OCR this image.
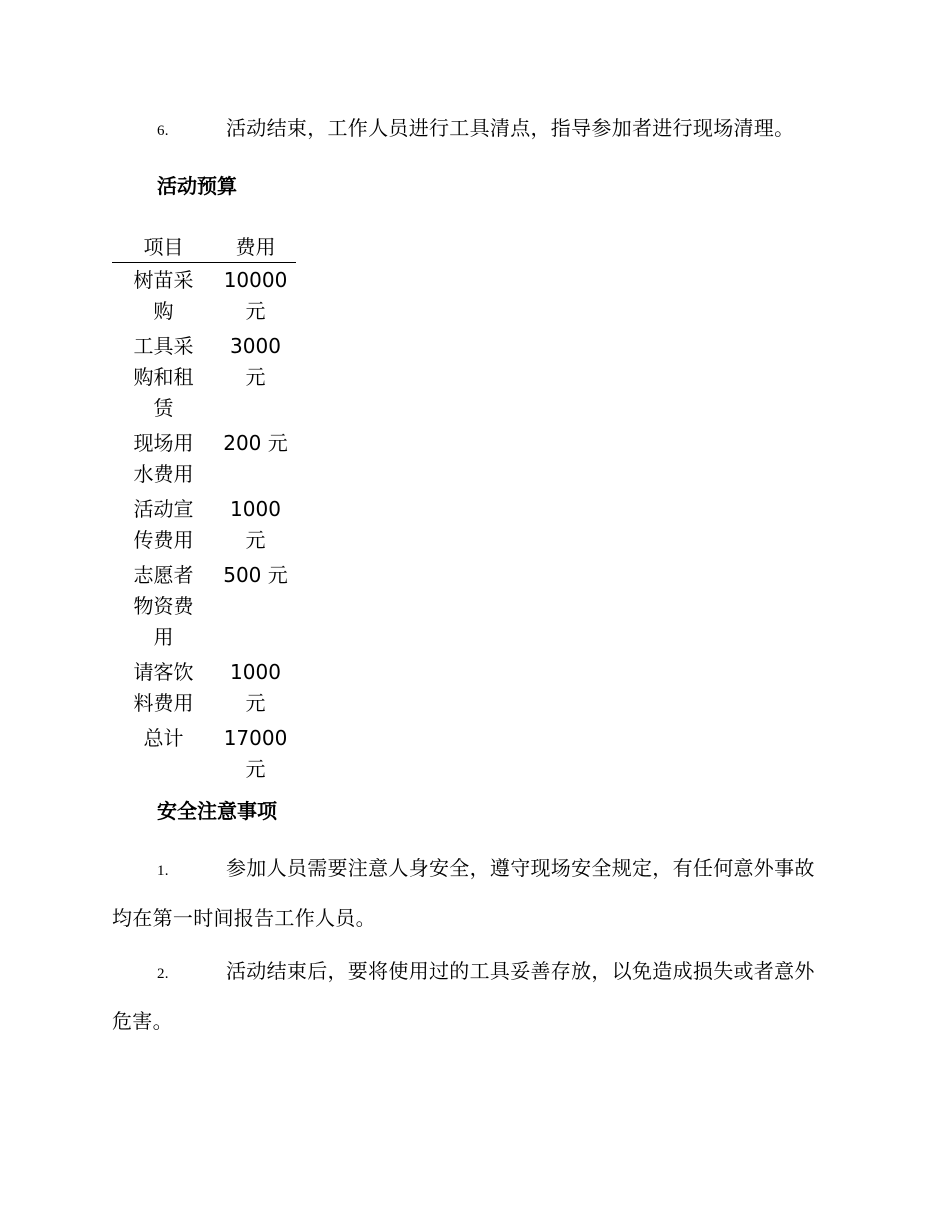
6.	活动结束，工作人员进行工具清点，指导参加者进行现场清理。
活动预算
项目	费用

树苗采购	10000元

工具采购和租赁	3000元

现场用水费用	200 元

活动宣传费用	1000元

志愿者物资费用	500 元

请客饮料费用	1000元

总计	17000元
安全注意事项
1.	参加人员需要注意人身安全，遵守现场安全规定，有任何意外事故均在第一时间报告工作人员。
2.	活动结束后，要将使用过的工具妥善存放，以免造成损失或者意外危害。
